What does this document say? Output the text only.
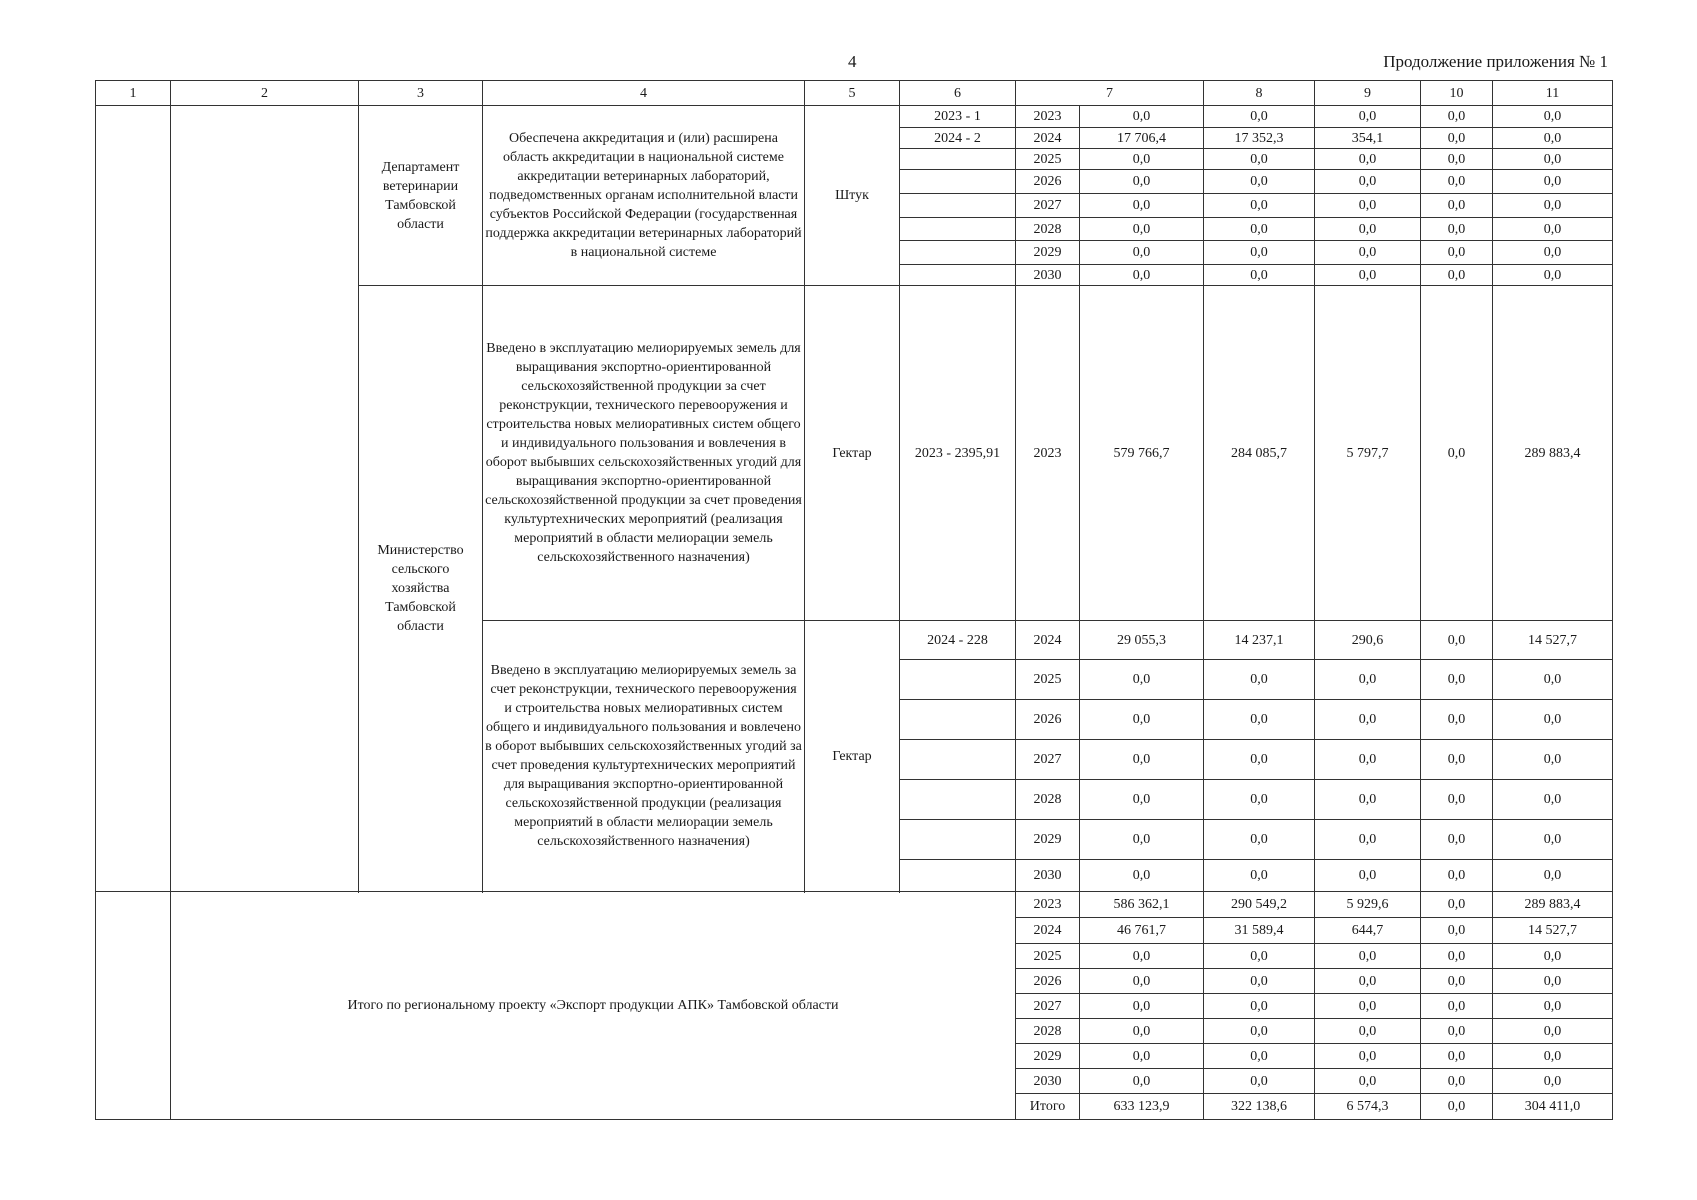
4	Продолжение приложения № 1
1	2	3	4	5	6	7		8	9	10	11
		Департамент ветеринарии Тамбовской области	Обеспечена аккредитация и (или) расширена область аккредитации в национальной системе аккредитации ветеринарных лабораторий, подведомственных органам исполнительной власти субъектов Российской Федерации (государственная поддержка аккредитации ветеринарных лабораторий в национальной системе	Штук	2023 - 1	2023	0,0	0,0	0,0	0,0	0,0
					2024 - 2	2024	17 706,4	17 352,3	354,1	0,0	0,0
						2025	0,0	0,0	0,0	0,0	0,0
						2026	0,0	0,0	0,0	0,0	0,0
						2027	0,0	0,0	0,0	0,0	0,0
						2028	0,0	0,0	0,0	0,0	0,0
						2029	0,0	0,0	0,0	0,0	0,0
						2030	0,0	0,0	0,0	0,0	0,0
		Министерство сельского хозяйства Тамбовской области	Введено в эксплуатацию мелиорируемых земель для выращивания экспортно-ориентированной сельскохозяйственной продукции за счет реконструкции, технического перевооружения и строительства новых мелиоративных систем общего и индивидуального пользования и вовлечения в оборот выбывших сельскохозяйственных угодий для выращивания экспортно-ориентированной сельскохозяйственной продукции за счет проведения культуртехнических мероприятий (реализация мероприятий в области мелиорации земель сельскохозяйственного назначения)	Гектар	2023 - 2395,91	2023	579 766,7	284 085,7	5 797,7	0,0	289 883,4
			Введено в эксплуатацию мелиорируемых земель за счет реконструкции, технического перевооружения и строительства новых мелиоративных систем общего и индивидуального пользования и вовлечено в оборот выбывших сельскохозяйственных угодий за счет проведения культуртехнических мероприятий для выращивания экспортно-ориентированной сельскохозяйственной продукции (реализация мероприятий в области мелиорации земель сельскохозяйственного назначения)	Гектар	2024 - 228	2024	29 055,3	14 237,1	290,6	0,0	14 527,7

						2025	0,0	0,0	0,0	0,0	0,0

						2026	0,0	0,0	0,0	0,0	0,0

						2027	0,0	0,0	0,0	0,0	0,0

						2028	0,0	0,0	0,0	0,0	0,0

						2029	0,0	0,0	0,0	0,0	0,0

						2030	0,0	0,0	0,0	0,0	0,0

	Итого по региональному проекту «Экспорт продукции АПК» Тамбовской области					2023	586 362,1	290 549,2	5 929,6	0,0	289 883,4
						2024	46 761,7	31 589,4	644,7	0,0	14 527,7
						2025	0,0	0,0	0,0	0,0	0,0
						2026	0,0	0,0	0,0	0,0	0,0
						2027	0,0	0,0	0,0	0,0	0,0
						2028	0,0	0,0	0,0	0,0	0,0
						2029	0,0	0,0	0,0	0,0	0,0
						2030	0,0	0,0	0,0	0,0	0,0
						Итого	633 123,9	322 138,6	6 574,3	0,0	304 411,0
